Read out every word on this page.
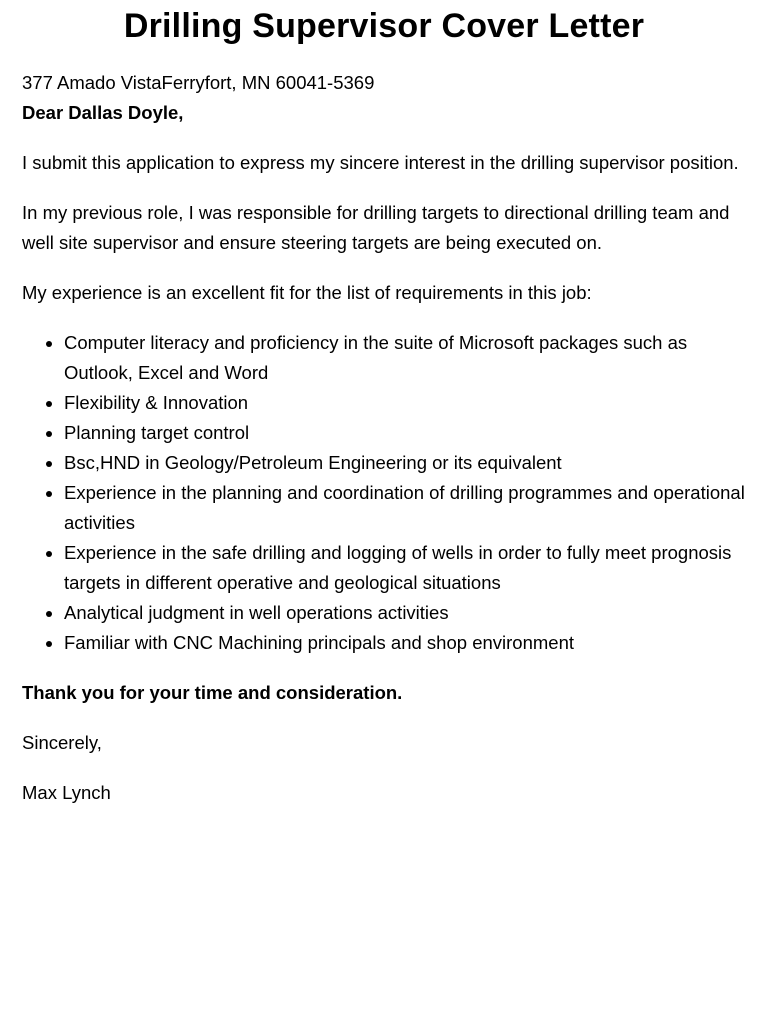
Drilling Supervisor Cover Letter

377 Amado VistaFerryfort, MN 60041-5369

Dear Dallas Doyle,

I submit this application to express my sincere interest in the drilling supervisor position.

In my previous role, I was responsible for drilling targets to directional drilling team and well site supervisor and ensure steering targets are being executed on.

My experience is an excellent fit for the list of requirements in this job:

• Computer literacy and proficiency in the suite of Microsoft packages such as Outlook, Excel and Word
• Flexibility & Innovation
• Planning target control
• Bsc,HND in Geology/Petroleum Engineering or its equivalent
• Experience in the planning and coordination of drilling programmes and operational activities
• Experience in the safe drilling and logging of wells in order to fully meet prognosis targets in different operative and geological situations
• Analytical judgment in well operations activities
• Familiar with CNC Machining principals and shop environment

Thank you for your time and consideration.

Sincerely,

Max Lynch
